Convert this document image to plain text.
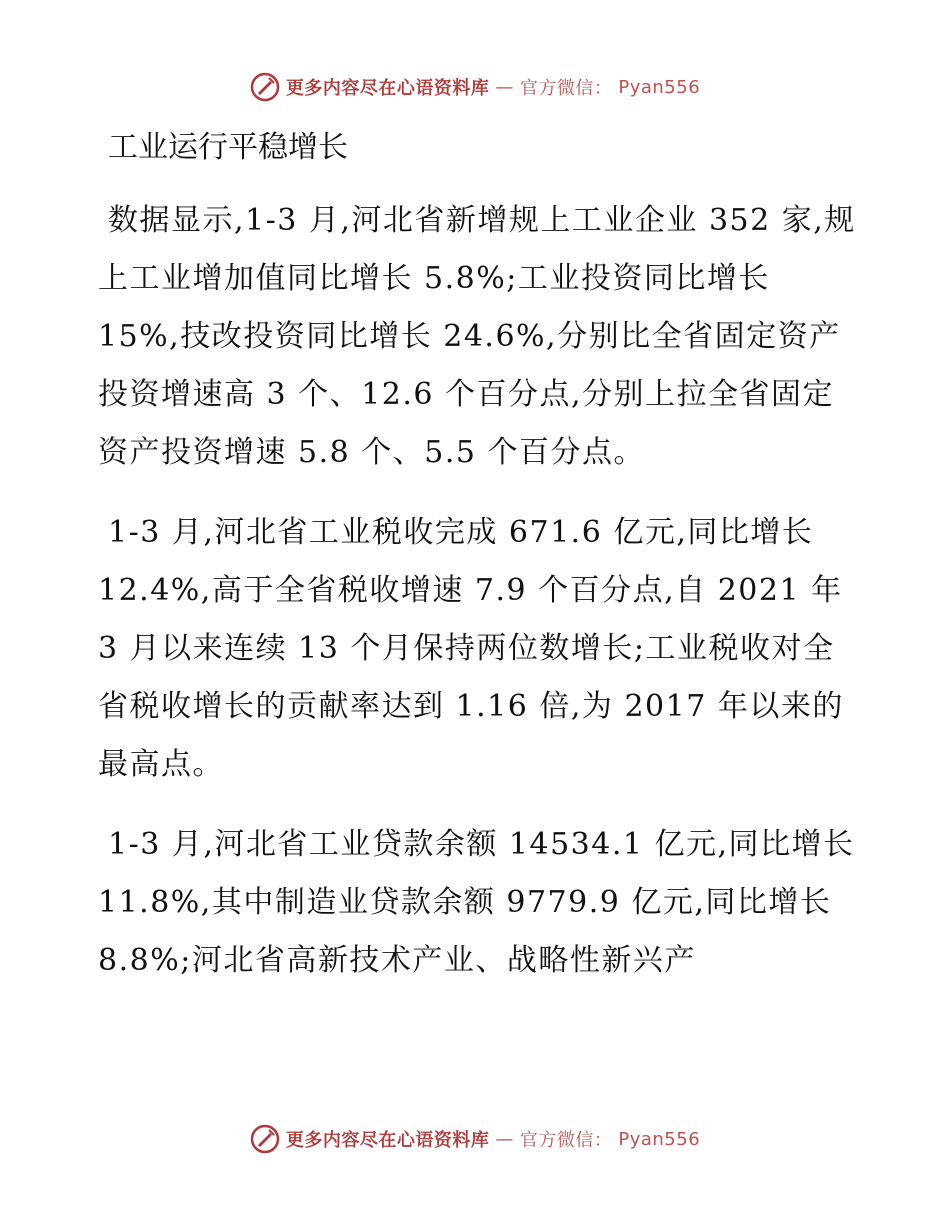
更多内容尽在心语资料库 — 官方微信： Pyan556
工业运行平稳增长

数据显示,1-3 月,河北省新增规上工业企业 352 家,规上工业增加值同比增长 5.8%;工业投资同比增长 15%,技改投资同比增长 24.6%,分别比全省固定资产投资增速高 3 个、12.6 个百分点,分别上拉全省固定资产投资增速 5.8 个、5.5 个百分点。

1-3 月,河北省工业税收完成 671.6 亿元,同比增长 12.4%,高于全省税收增速 7.9 个百分点,自 2021 年 3 月以来连续 13 个月保持两位数增长;工业税收对全省税收增长的贡献率达到 1.16 倍,为 2017 年以来的最高点。

1-3 月,河北省工业贷款余额 14534.1 亿元,同比增长 11.8%,其中制造业贷款余额 9779.9 亿元,同比增长 8.8%;河北省高新技术产业、战略性新兴产

更多内容尽在心语资料库 — 官方微信： Pyan556
